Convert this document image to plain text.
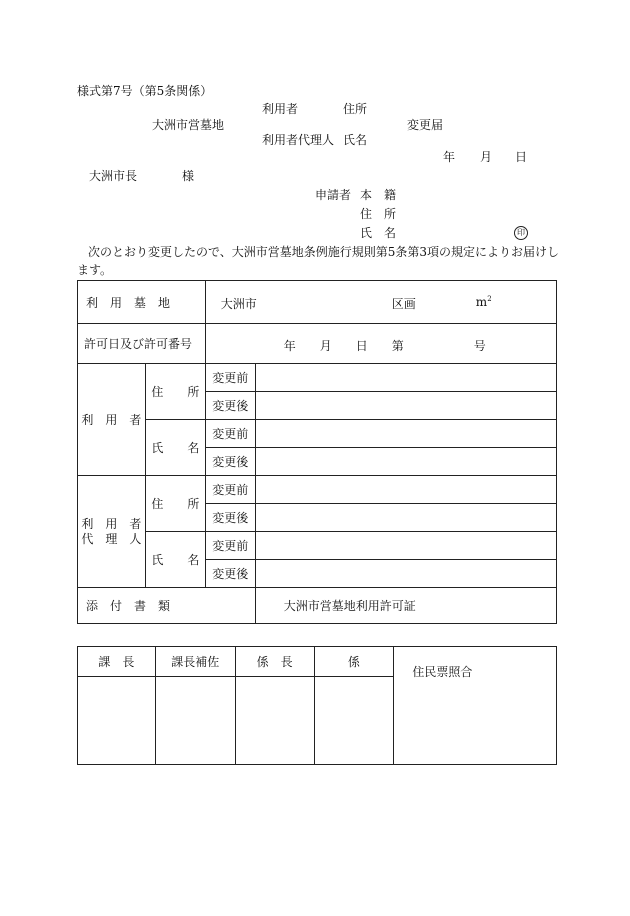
様式第7号（第5条関係）
利用者	住所
大洲市営墓地	変更届
利用者代理人 氏名
年 月 日
大洲市長	様
申請者 本　籍
住　所
氏　名	印
次のとおり変更したので、大洲市営墓地条例施行規則第5条第3項の規定によりお届けし
ます。
利　用　墓　地		大洲市 区画 $m^2$

許可日及び許可番号		年 月 日 第 号	

利　用　者	住　　所	変更前	
		変更後	
	氏　　名	変更前	
		変更後	

利　用　者
代　理　人	住　　所	変更前	
		変更後	
	氏　　名	変更前	
		変更後	
添　付　書　類			大洲市営墓地利用許可証
課　長	課長補佐	係　長	係	住民票照合
